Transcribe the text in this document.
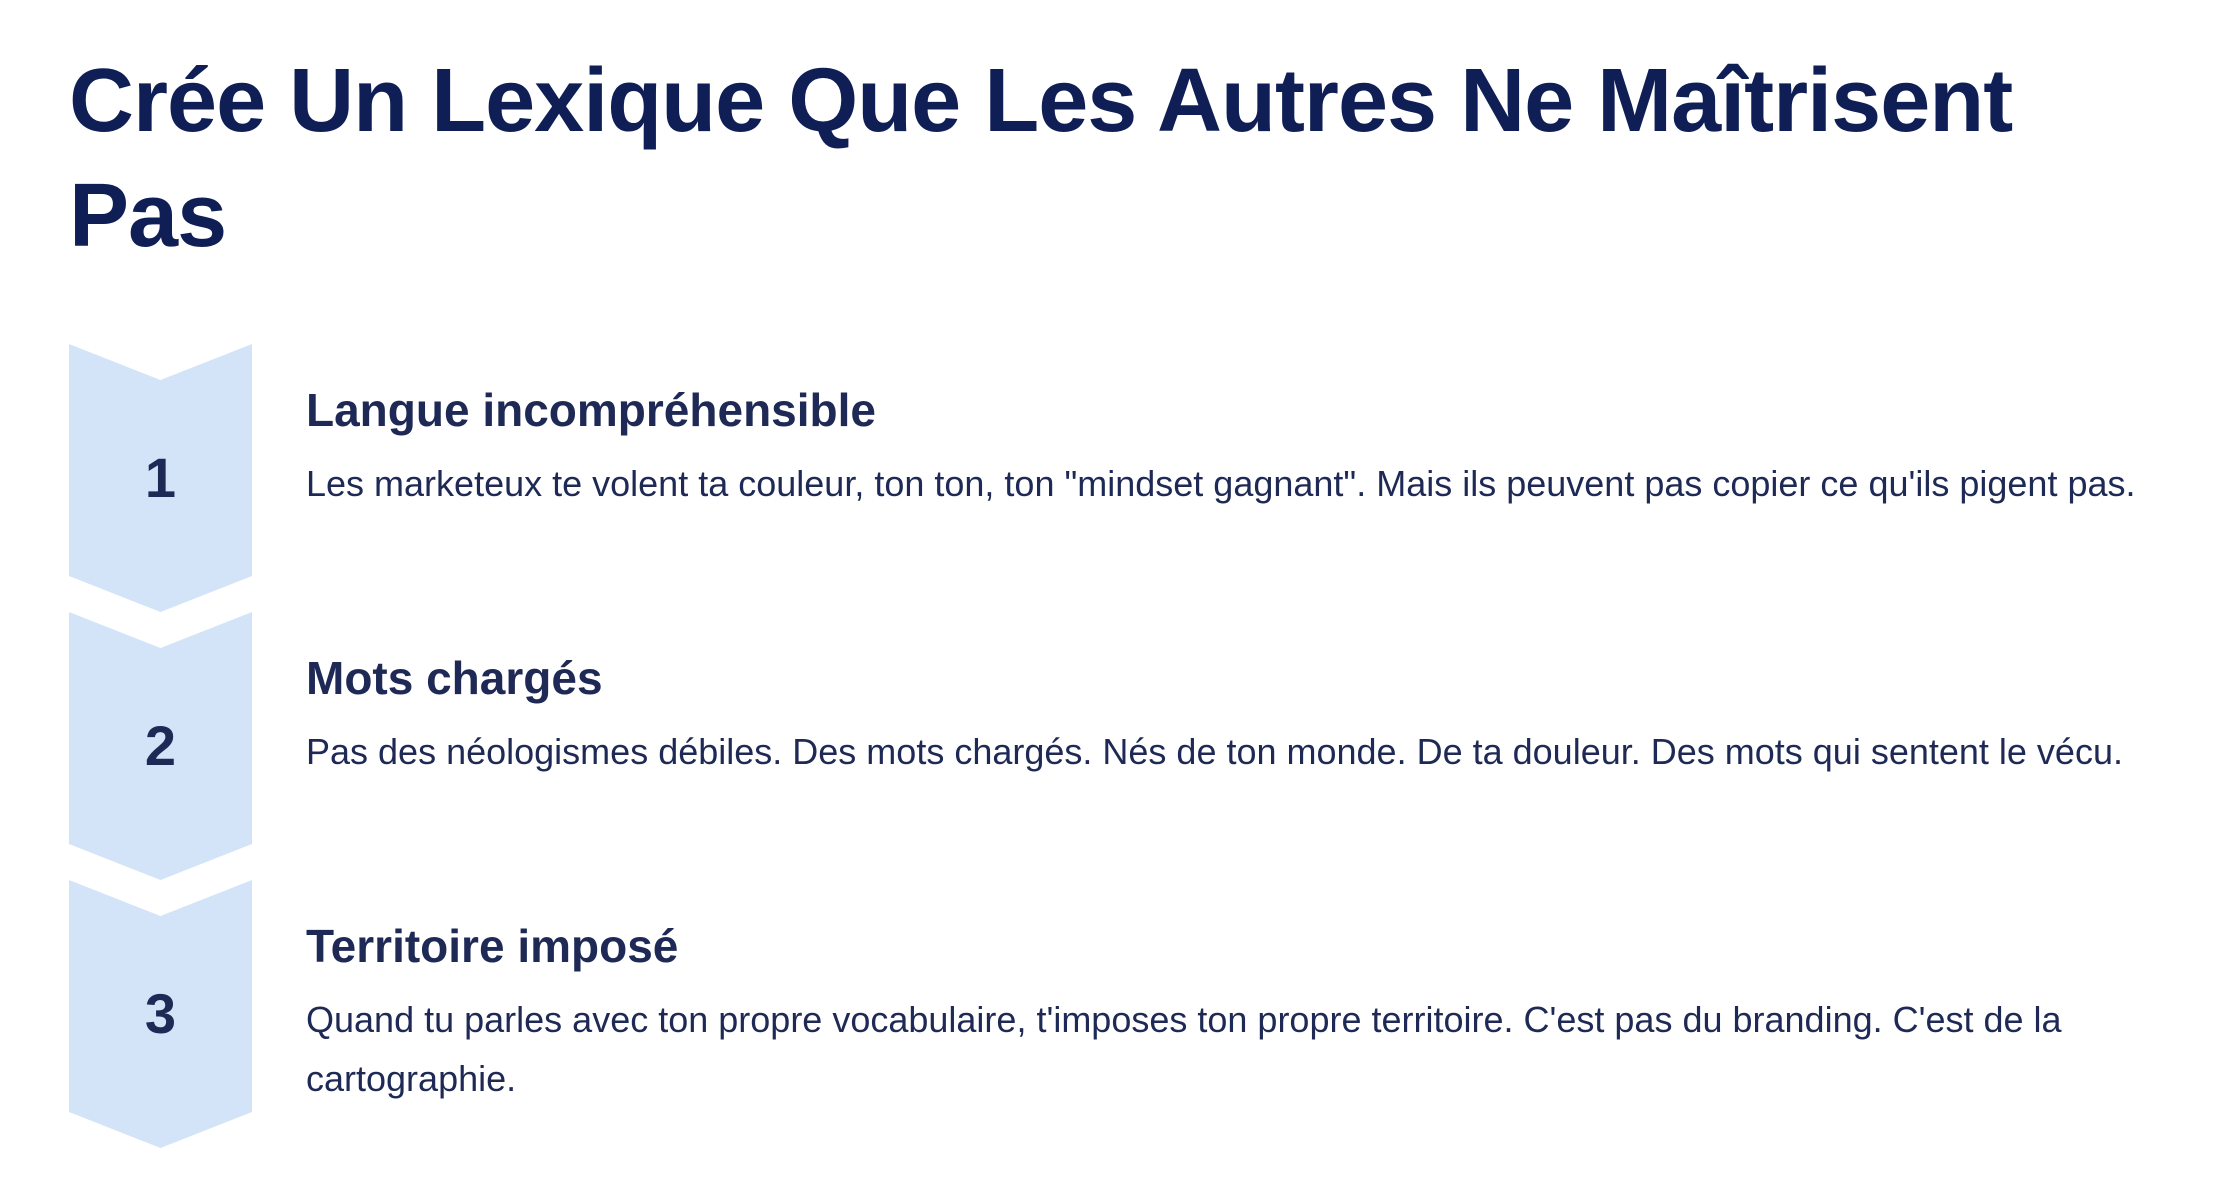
Crée Un Lexique Que Les Autres Ne Maîtrisent Pas
1
Langue incompréhensible

Les marketeux te volent ta couleur, ton ton, ton "mindset gagnant". Mais ils peuvent pas copier ce qu'ils pigent pas.

2
Mots chargés

Pas des néologismes débiles. Des mots chargés. Nés de ton monde. De ta douleur. Des mots qui sentent le vécu.

3
Territoire imposé

Quand tu parles avec ton propre vocabulaire, t'imposes ton propre territoire. C'est pas du branding. C'est de la cartographie.
